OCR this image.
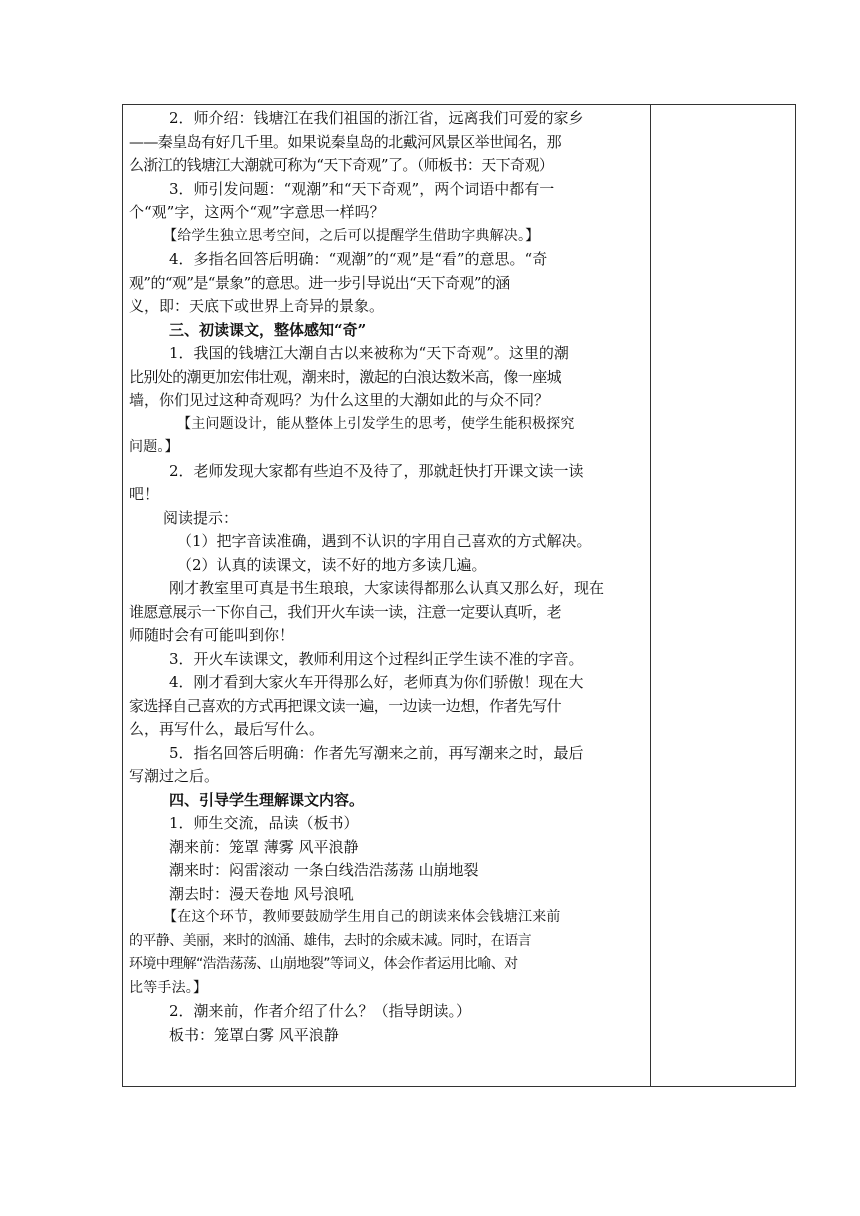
2．师介绍：钱塘江在我们祖国的浙江省，远离我们可爱的家乡
——秦皇岛有好几千里。如果说秦皇岛的北戴河风景区举世闻名，那
么浙江的钱塘江大潮就可称为“天下奇观”了。（师板书：天下奇观）
3．师引发问题：“观潮”和“天下奇观”，两个词语中都有一
个“观”字，这两个“观”字意思一样吗？
【给学生独立思考空间，之后可以提醒学生借助字典解决。】
4．多指名回答后明确：“观潮”的“观”是“看”的意思。“奇
观”的“观”是“景象”的意思。进一步引导说出“天下奇观”的涵
义，即：天底下或世界上奇异的景象。
三、初读课文，整体感知“奇”
1．我国的钱塘江大潮自古以来被称为“天下奇观”。这里的潮
比别处的潮更加宏伟壮观，潮来时，激起的白浪达数米高，像一座城
墙，你们见过这种奇观吗？为什么这里的大潮如此的与众不同？
【主问题设计，能从整体上引发学生的思考，使学生能积极探究
问题。】
2．老师发现大家都有些迫不及待了，那就赶快打开课文读一读
吧！
阅读提示：
（1）把字音读准确，遇到不认识的字用自己喜欢的方式解决。
（2）认真的读课文，读不好的地方多读几遍。
刚才教室里可真是书生琅琅，大家读得都那么认真又那么好，现在
谁愿意展示一下你自己，我们开火车读一读，注意一定要认真听，老
师随时会有可能叫到你！
3．开火车读课文，教师利用这个过程纠正学生读不准的字音。
4．刚才看到大家火车开得那么好，老师真为你们骄傲！现在大
家选择自己喜欢的方式再把课文读一遍，一边读一边想，作者先写什
么，再写什么，最后写什么。
5．指名回答后明确：作者先写潮来之前，再写潮来之时，最后
写潮过之后。
四、引导学生理解课文内容。
1．师生交流，品读（板书）
潮来前：笼罩 薄雾 风平浪静
潮来时：闷雷滚动 一条白线浩浩荡荡 山崩地裂
潮去时：漫天卷地 风号浪吼
【在这个环节，教师要鼓励学生用自己的朗读来体会钱塘江来前
的平静、美丽，来时的汹涌、雄伟，去时的余威未减。同时，在语言
环境中理解“浩浩荡荡、山崩地裂”等词义，体会作者运用比喻、对
比等手法。】
2．潮来前，作者介绍了什么？（指导朗读。）
板书：笼罩白雾 风平浪静
